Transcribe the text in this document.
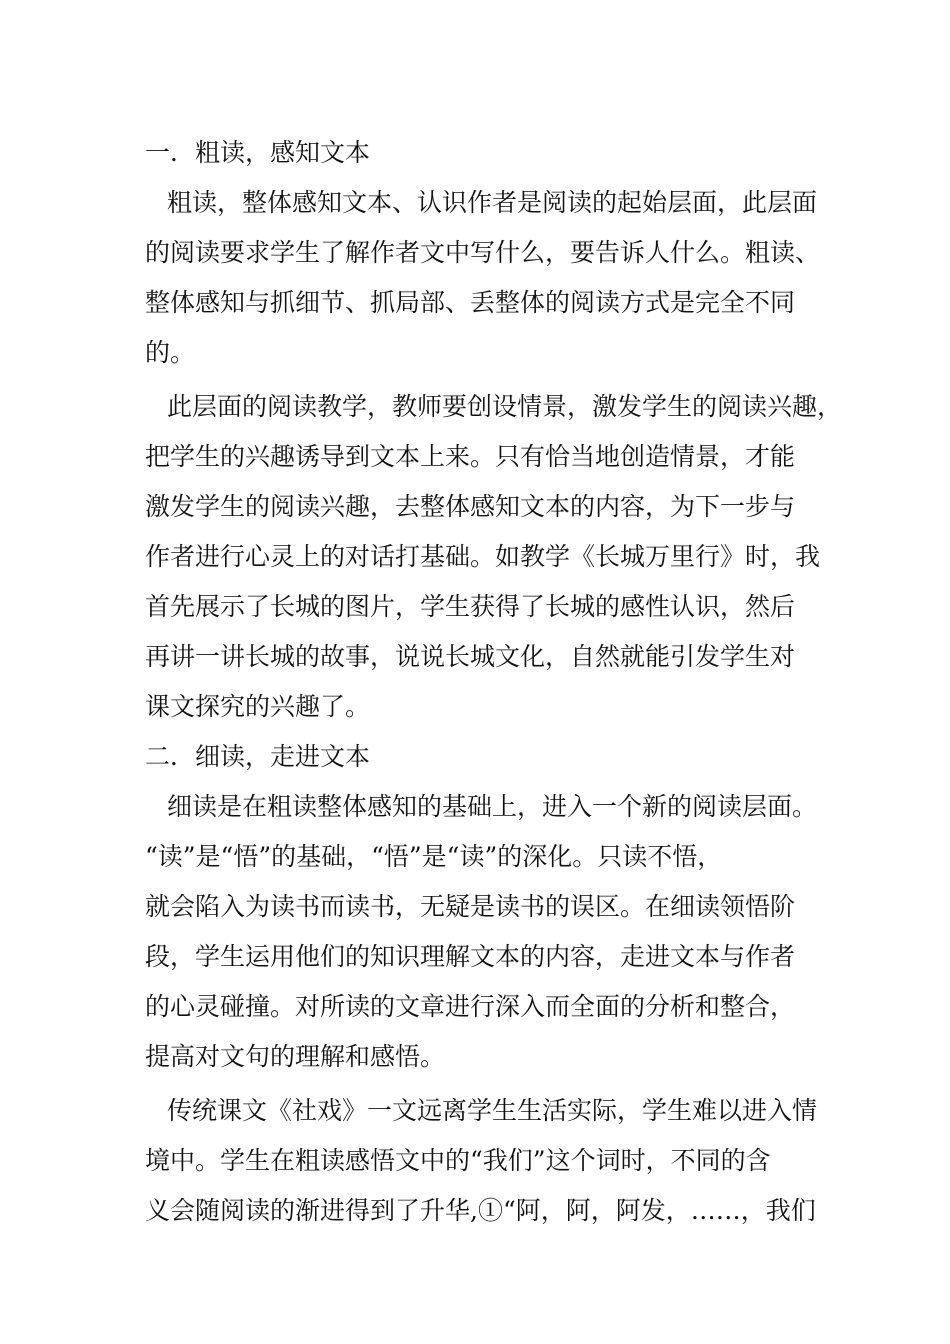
一．粗读，感知文本
粗读，整体感知文本、认识作者是阅读的起始层面，此层面
的阅读要求学生了解作者文中写什么，要告诉人什么。粗读、
整体感知与抓细节、抓局部、丢整体的阅读方式是完全不同
的。
此层面的阅读教学，教师要创设情景，激发学生的阅读兴趣，
把学生的兴趣诱导到文本上来。只有恰当地创造情景，才能
激发学生的阅读兴趣，去整体感知文本的内容，为下一步与
作者进行心灵上的对话打基础。如教学《长城万里行》时，我
首先展示了长城的图片，学生获得了长城的感性认识，然后
再讲一讲长城的故事，说说长城文化，自然就能引发学生对
课文探究的兴趣了。
二．细读，走进文本
细读是在粗读整体感知的基础上，进入一个新的阅读层面。
“读”是“悟”的基础，“悟”是“读”的深化。只读不悟，
就会陷入为读书而读书，无疑是读书的误区。在细读领悟阶
段，学生运用他们的知识理解文本的内容，走进文本与作者
的心灵碰撞。对所读的文章进行深入而全面的分析和整合，
提高对文句的理解和感悟。
传统课文《社戏》一文远离学生生活实际，学生难以进入情
境中。学生在粗读感悟文中的“我们”这个词时，不同的含
义会随阅读的渐进得到了升华,①“阿，阿，阿发，……，我们
